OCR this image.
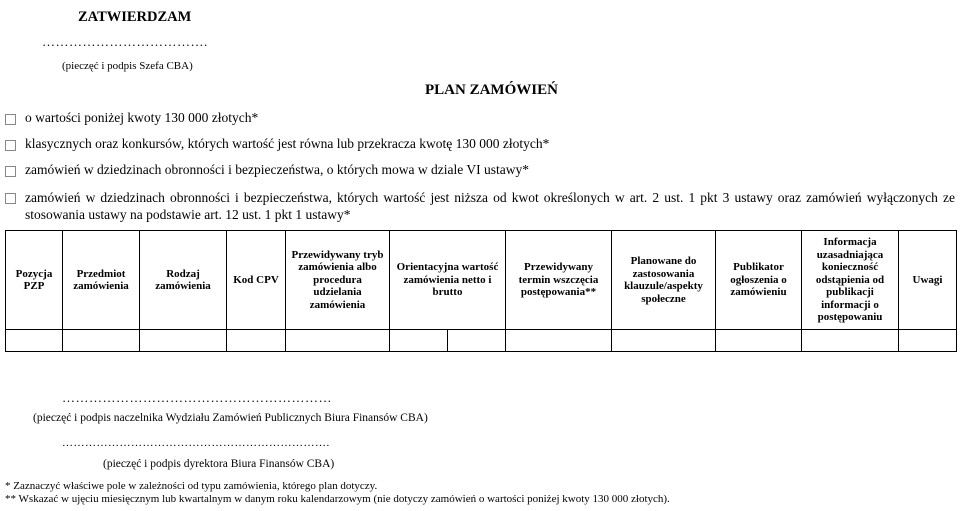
ZATWIERDZAM
……………………………….
(pieczęć i podpis Szefa CBA)
PLAN ZAMÓWIEŃ
o wartości poniżej kwoty 130 000 złotych*
klasycznych oraz konkursów, których wartość jest równa lub przekracza kwotę 130 000 złotych*
zamówień w dziedzinach obronności i bezpieczeństwa, o których mowa w dziale VI ustawy*
zamówień w dziedzinach obronności i bezpieczeństwa, których wartość jest niższa od kwot określonych w art. 2 ust. 1 pkt 3 ustawy oraz zamówień wyłączonych ze stosowania ustawy na podstawie art. 12 ust. 1 pkt 1 ustawy*
Pozycja PZP	Przedmiot zamówienia	Rodzaj zamówienia	Kod CPV	Przewidywany tryb zamówienia albo procedura udzielania zamówienia	Orientacyjna wartość zamówienia netto i brutto		Przewidywany termin wszczęcia postępowania**	Planowane do zastosowania klauzule/aspekty społeczne	Publikator ogłoszenia o zamówieniu	Informacja uzasadniająca konieczność odstąpienia od publikacji informacji o postępowaniu	Uwagi

……………………………………………………
(pieczęć i podpis naczelnika Wydziału Zamówień Publicznych Biura Finansów CBA)
…………………………………………………………….
(pieczęć i podpis dyrektora Biura Finansów CBA)
* Zaznaczyć właściwe pole w zależności od typu zamówienia, którego plan dotyczy.
** Wskazać w ujęciu miesięcznym lub kwartalnym w danym roku kalendarzowym (nie dotyczy zamówień o wartości poniżej kwoty 130 000 złotych).
